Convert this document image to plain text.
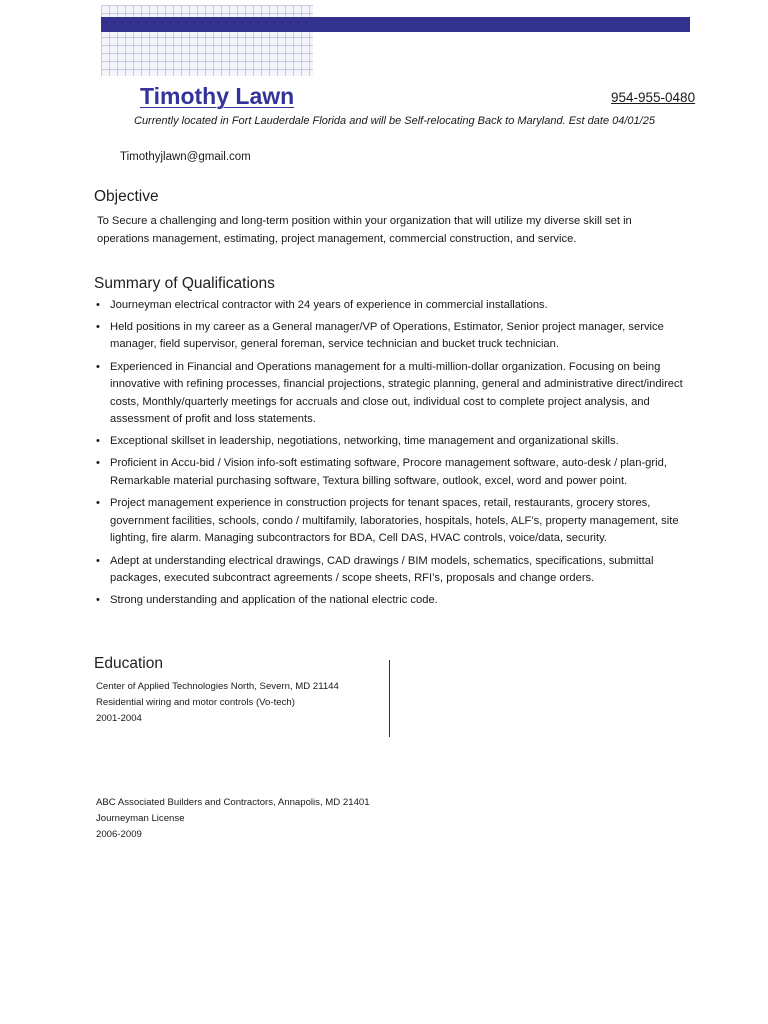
Timothy Lawn	954-955-0480
Currently located in Fort Lauderdale Florida and will be Self-relocating Back to Maryland. Est date 04/01/25
Timothyjlawn@gmail.com
Objective

To Secure a challenging and long-term position within your organization that will utilize my diverse skill set in operations management, estimating, project management, commercial construction, and service.

Summary of Qualifications
• Journeyman electrical contractor with 24 years of experience in commercial installations.
• Held positions in my career as a General manager/VP of Operations, Estimator, Senior project manager, service manager, field supervisor, general foreman, service technician and bucket truck technician.
• Experienced in Financial and Operations management for a multi-million-dollar organization. Focusing on being innovative with refining processes, financial projections, strategic planning, general and administrative direct/indirect costs, Monthly/quarterly meetings for accruals and close out, individual cost to complete project analysis, and assessment of profit and loss statements.
• Exceptional skillset in leadership, negotiations, networking, time management and organizational skills.
• Proficient in Accu-bid / Vision info-soft estimating software, Procore management software, auto-desk / plan-grid, Remarkable material purchasing software, Textura billing software, outlook, excel, word and power point.
• Project management experience in construction projects for tenant spaces, retail, restaurants, grocery stores, government facilities, schools, condo / multifamily, laboratories, hospitals, hotels, ALF’s, property management, site lighting, fire alarm. Managing subcontractors for BDA, Cell DAS, HVAC controls, voice/data, security.
• Adept at understanding electrical drawings, CAD drawings / BIM models, schematics, specifications, submittal packages, executed subcontract agreements / scope sheets, RFI’s, proposals and change orders.
• Strong understanding and application of the national electric code.
Education
Center of Applied Technologies North, Severn, MD 21144
Residential wiring and motor controls (Vo-tech)
2001-2004
ABC Associated Builders and Contractors, Annapolis, MD 21401
Journeyman License
2006-2009
